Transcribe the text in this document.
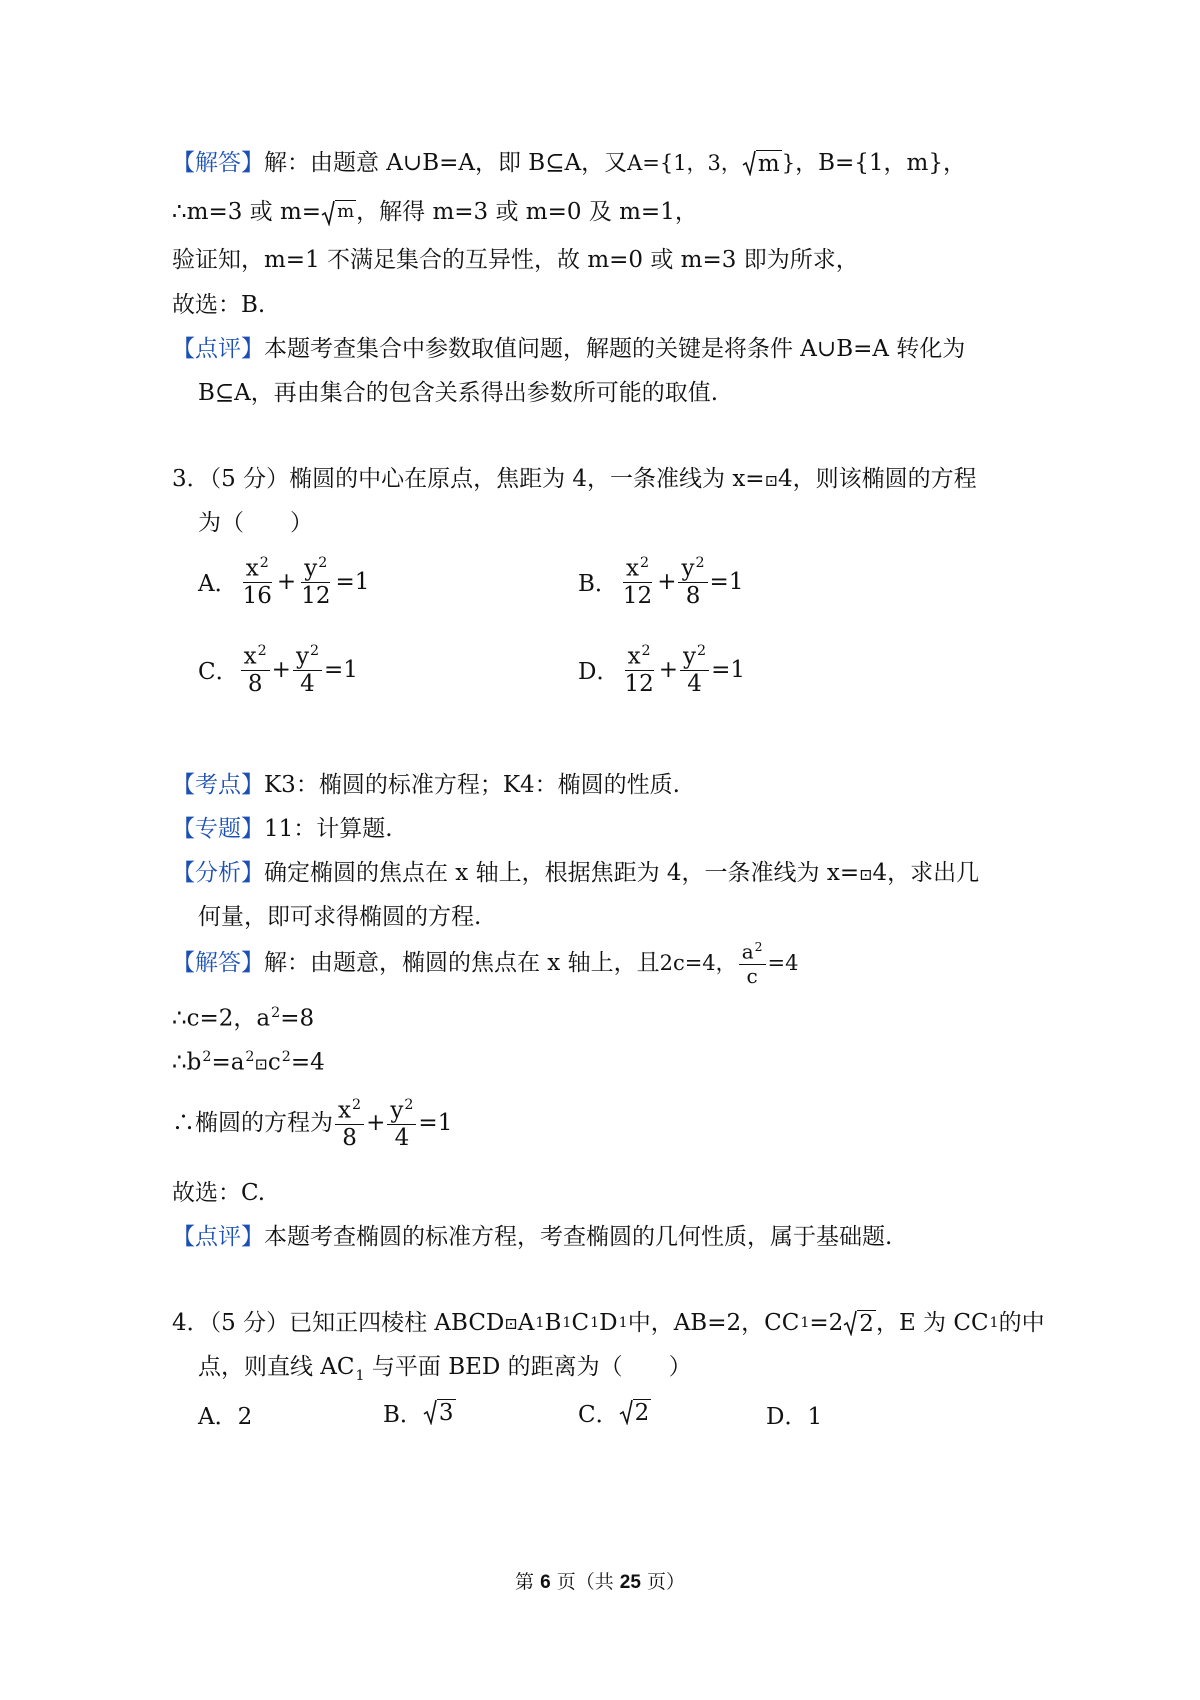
【解答】解：由题意 A∪B=A，即 B⊆A，又A={1，3， m }，B={1，m}，
∴m=3 或 m= m ，解得 m=3 或 m=0 及 m=1，
验证知，m=1 不满足集合的互异性，故 m=0 或 m=3 即为所求，
故选：B.
【点评】本题考查集合中参数取值问题，解题的关键是将条件 A∪B=A 转化为
B⊆A，再由集合的包含关系得出参数所可能的取值.
3．（5 分）椭圆的中心在原点，焦距为 4，一条准线为 x=⊡4，则该椭圆的方程
为（　　）
A． $\frac{x^2}{16} + \frac{y^2}{12} =1$	B． $\frac{x^2}{12} + \frac{y^2}{8} =1$
C． $\frac{x^2}{8} + \frac{y^2}{4} =1$	D． $\frac{x^2}{12} + \frac{y^2}{4} =1$
【考点】K3：椭圆的标准方程；K4：椭圆的性质.
【专题】11：计算题.
【分析】确定椭圆的焦点在 x 轴上，根据焦距为 4，一条准线为 x=⊡4，求出几
何量，即可求得椭圆的方程.
【解答】 解：由题意，椭圆的焦点在 x 轴上，且 2c=4， $\frac{a^2}{c} =4$
∴c=2，$a^2=8$
$\therefore b^2=a^2⊡c^2=4$
∴椭圆的方程为 $\frac{x^2}{8} + \frac{y^2}{4} =1$
故选：C.
【点评】本题考查椭圆的标准方程，考查椭圆的几何性质，属于基础题.
4．（5 分）已知正四棱柱 ABCD ⊡ A 1 B 1 C 1 D 1 中，AB=2，CC 1 =2 2 ，E 为 CC 1 的中
点，则直线 $AC_1$ 与平面 BED 的距离为（　　）
A．2	B． 3	C． 2	D．1
第 6 页（共 25 页）
